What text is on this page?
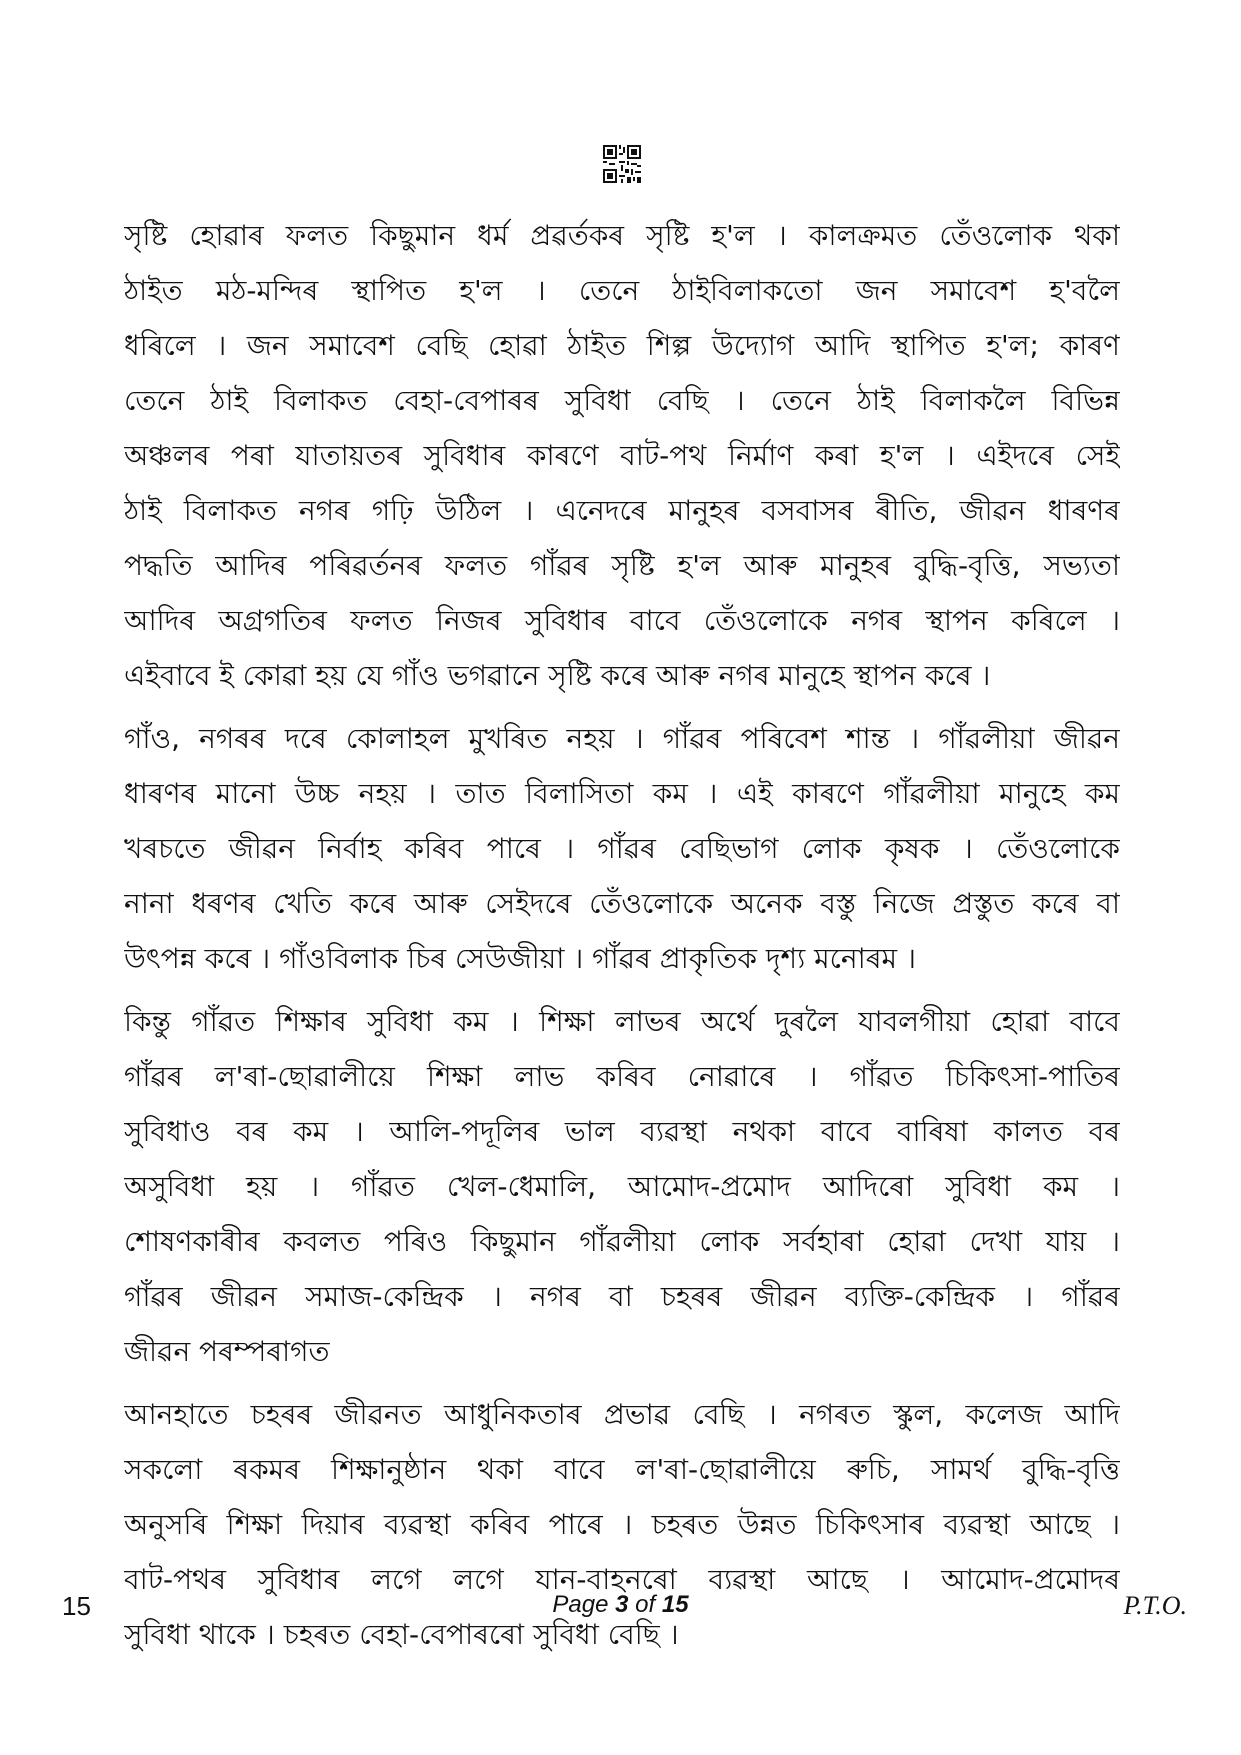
সৃষ্টি হোৱাৰ ফলত কিছুমান ধৰ্ম প্ৰৱৰ্তকৰ সৃষ্টি হ'ল । কালক্ৰমত তেঁওলোক থকা
ঠাইত মঠ-মন্দিৰ স্থাপিত হ'ল । তেনে ঠাইবিলাকতো জন সমাবেশ হ'বলৈ
ধৰিলে । জন সমাবেশ বেছি হোৱা ঠাইত শিল্প উদ্যোগ আদি স্থাপিত হ'ল; কাৰণ
তেনে ঠাই বিলাকত বেহা-বেপাৰৰ সুবিধা বেছি । তেনে ঠাই বিলাকলৈ বিভিন্ন
অঞ্চলৰ পৰা যাতায়তৰ সুবিধাৰ কাৰণে বাট-পথ নিৰ্মাণ কৰা হ'ল । এইদৰে সেই
ঠাই বিলাকত নগৰ গঢ়ি উঠিল । এনেদৰে মানুহৰ বসবাসৰ ৰীতি, জীৱন ধাৰণৰ
পদ্ধতি আদিৰ পৰিৱৰ্তনৰ ফলত গাঁৱৰ সৃষ্টি হ'ল আৰু মানুহৰ বুদ্ধি-বৃত্তি, সভ্যতা
আদিৰ অগ্ৰগতিৰ ফলত নিজৰ সুবিধাৰ বাবে তেঁওলোকে নগৰ স্থাপন কৰিলে ।
এইবাবে ই কোৱা হয় যে গাঁও ভগৱানে সৃষ্টি কৰে আৰু নগৰ মানুহে স্থাপন কৰে ।
গাঁও, নগৰৰ দৰে কোলাহল মুখৰিত নহয় । গাঁৱৰ পৰিবেশ শান্ত । গাঁৱলীয়া জীৱন
ধাৰণৰ মানো উচ্চ নহয় । তাত বিলাসিতা কম । এই কাৰণে গাঁৱলীয়া মানুহে কম
খৰচতে জীৱন নিৰ্বাহ কৰিব পাৰে । গাঁৱৰ বেছিভাগ লোক কৃষক । তেঁওলোকে
নানা ধৰণৰ খেতি কৰে আৰু সেইদৰে তেঁওলোকে অনেক বস্তু নিজে প্ৰস্তুত কৰে বা
উৎপন্ন কৰে । গাঁওবিলাক চিৰ সেউজীয়া । গাঁৱৰ প্ৰাকৃতিক দৃশ্য মনোৰম ।
কিন্তু গাঁৱত শিক্ষাৰ সুবিধা কম । শিক্ষা লাভৰ অৰ্থে দুৰলৈ যাবলগীয়া হোৱা বাবে
গাঁৱৰ ল'ৰা-ছোৱালীয়ে শিক্ষা লাভ কৰিব নোৱাৰে । গাঁৱত চিকিৎসা-পাতিৰ
সুবিধাও বৰ কম । আলি-পদূলিৰ ভাল ব্যৱস্থা নথকা বাবে বাৰিষা কালত বৰ
অসুবিধা হয় । গাঁৱত খেল-ধেমালি, আমোদ-প্ৰমোদ আদিৰো সুবিধা কম ।
শোষণকাৰীৰ কবলত পৰিও কিছুমান গাঁৱলীয়া লোক সৰ্বহাৰা হোৱা দেখা যায় ।
গাঁৱৰ জীৱন সমাজ-কেন্দ্ৰিক । নগৰ বা চহৰৰ জীৱন ব্যক্তি-কেন্দ্ৰিক । গাঁৱৰ
জীৱন পৰম্পৰাগত
আনহাতে চহৰৰ জীৱনত আধুনিকতাৰ প্ৰভাৱ বেছি । নগৰত স্কুল, কলেজ আদি
সকলো ৰকমৰ শিক্ষানুষ্ঠান থকা বাবে ল'ৰা-ছোৱালীয়ে ৰুচি, সামৰ্থ বুদ্ধি-বৃত্তি
অনুসৰি শিক্ষা দিয়াৰ ব্যৱস্থা কৰিব পাৰে । চহৰত উন্নত চিকিৎসাৰ ব্যৱস্থা আছে ।
বাট-পথৰ সুবিধাৰ লগে লগে যান-বাহনৰো ব্যৱস্থা আছে । আমোদ-প্ৰমোদৰ
সুবিধা থাকে । চহৰত বেহা-বেপাৰৰো সুবিধা বেছি ।
15	Page 3 of 15	P.T.O.
